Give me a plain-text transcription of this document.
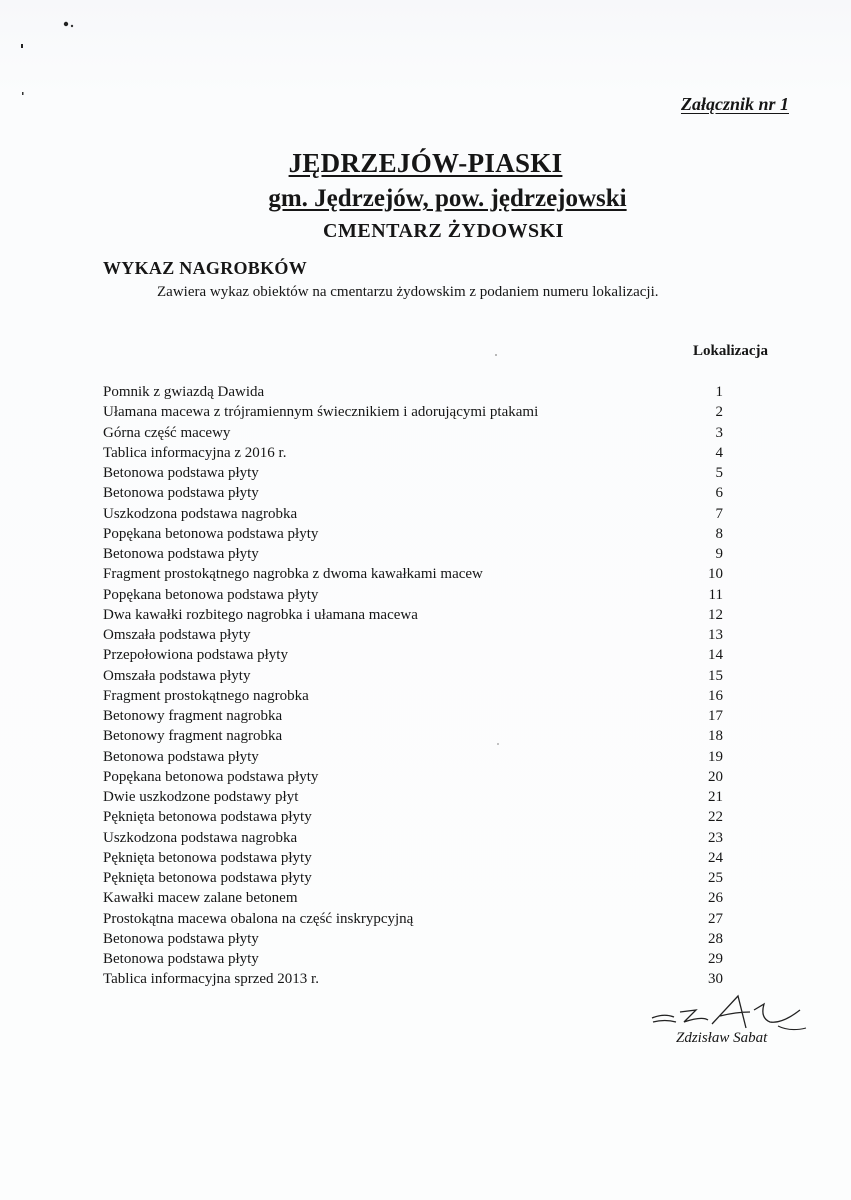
Załącznik nr 1
JĘDRZEJÓW-PIASKI
gm. Jędrzejów, pow. jędrzejowski
CMENTARZ ŻYDOWSKI
WYKAZ NAGROBKÓW
Zawiera wykaz obiektów na cmentarzu żydowskim z podaniem numeru lokalizacji.
Lokalizacja
Pomnik z gwiazdą Dawida	1
Ułamana macewa z trójramiennym świecznikiem i adorującymi ptakami	2
Górna część macewy	3
Tablica informacyjna z 2016 r.	4
Betonowa podstawa płyty	5
Betonowa podstawa płyty	6
Uszkodzona podstawa nagrobka	7
Popękana betonowa podstawa płyty	8
Betonowa podstawa płyty	9
Fragment prostokątnego nagrobka z dwoma kawałkami macew	10
Popękana betonowa podstawa płyty	11
Dwa kawałki rozbitego nagrobka i ułamana macewa	12
Omszała podstawa płyty	13
Przepołowiona podstawa płyty	14
Omszała podstawa płyty	15
Fragment prostokątnego nagrobka	16
Betonowy fragment nagrobka	17
Betonowy fragment nagrobka	18
Betonowa podstawa płyty	19
Popękana betonowa podstawa płyty	20
Dwie uszkodzone podstawy płyt	21
Pęknięta betonowa podstawa płyty	22
Uszkodzona podstawa nagrobka	23
Pęknięta betonowa podstawa płyty	24
Pęknięta betonowa podstawa płyty	25
Kawałki macew zalane betonem	26
Prostokątna macewa obalona na część inskrypcyjną	27
Betonowa podstawa płyty	28
Betonowa podstawa płyty	29
Tablica informacyjna sprzed 2013 r.	30
Zdzisław Sabat
